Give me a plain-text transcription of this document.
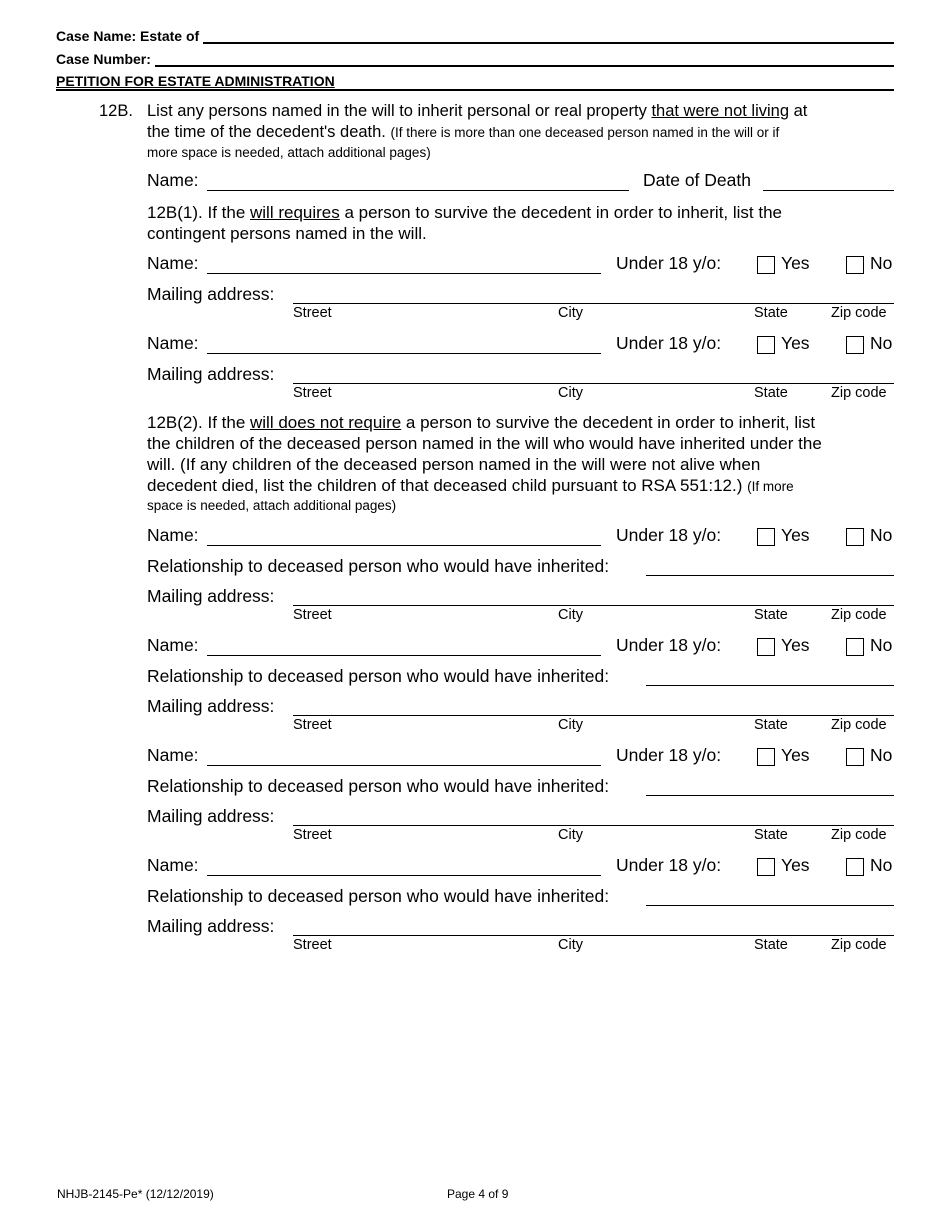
Case Name: Estate of
Case Number:
PETITION FOR ESTATE ADMINISTRATION
12B. List any persons named in the will to inherit personal or real property that were not living at
the time of the decedent's death. (If there is more than one deceased person named in the will or if
more space is needed, attach additional pages)
Name:	Date of Death
12B(1). If the will requires a person to survive the decedent in order to inherit, list the
contingent persons named in the will.
Name:	Under 18 y/o:	Yes	No
Mailing address:
Street	City	State	Zip code
Name:	Under 18 y/o:	Yes	No
Mailing address:
Street	City	State	Zip code
12B(2). If the will does not require a person to survive the decedent in order to inherit, list
the children of the deceased person named in the will who would have inherited under the
will. (If any children of the deceased person named in the will were not alive when
decedent died, list the children of that deceased child pursuant to RSA 551:12.) (If more
space is needed, attach additional pages)
Name:	Under 18 y/o:	Yes	No
Relationship to deceased person who would have inherited:
Mailing address:
Street	City	State	Zip code
Name:	Under 18 y/o:	Yes	No
Relationship to deceased person who would have inherited:
Mailing address:
Street	City	State	Zip code
Name:	Under 18 y/o:	Yes	No
Relationship to deceased person who would have inherited:
Mailing address:
Street	City	State	Zip code
Name:	Under 18 y/o:	Yes	No
Relationship to deceased person who would have inherited:
Mailing address:
Street	City	State	Zip code
NHJB-2145-Pe* (12/12/2019)	Page 4 of 9
